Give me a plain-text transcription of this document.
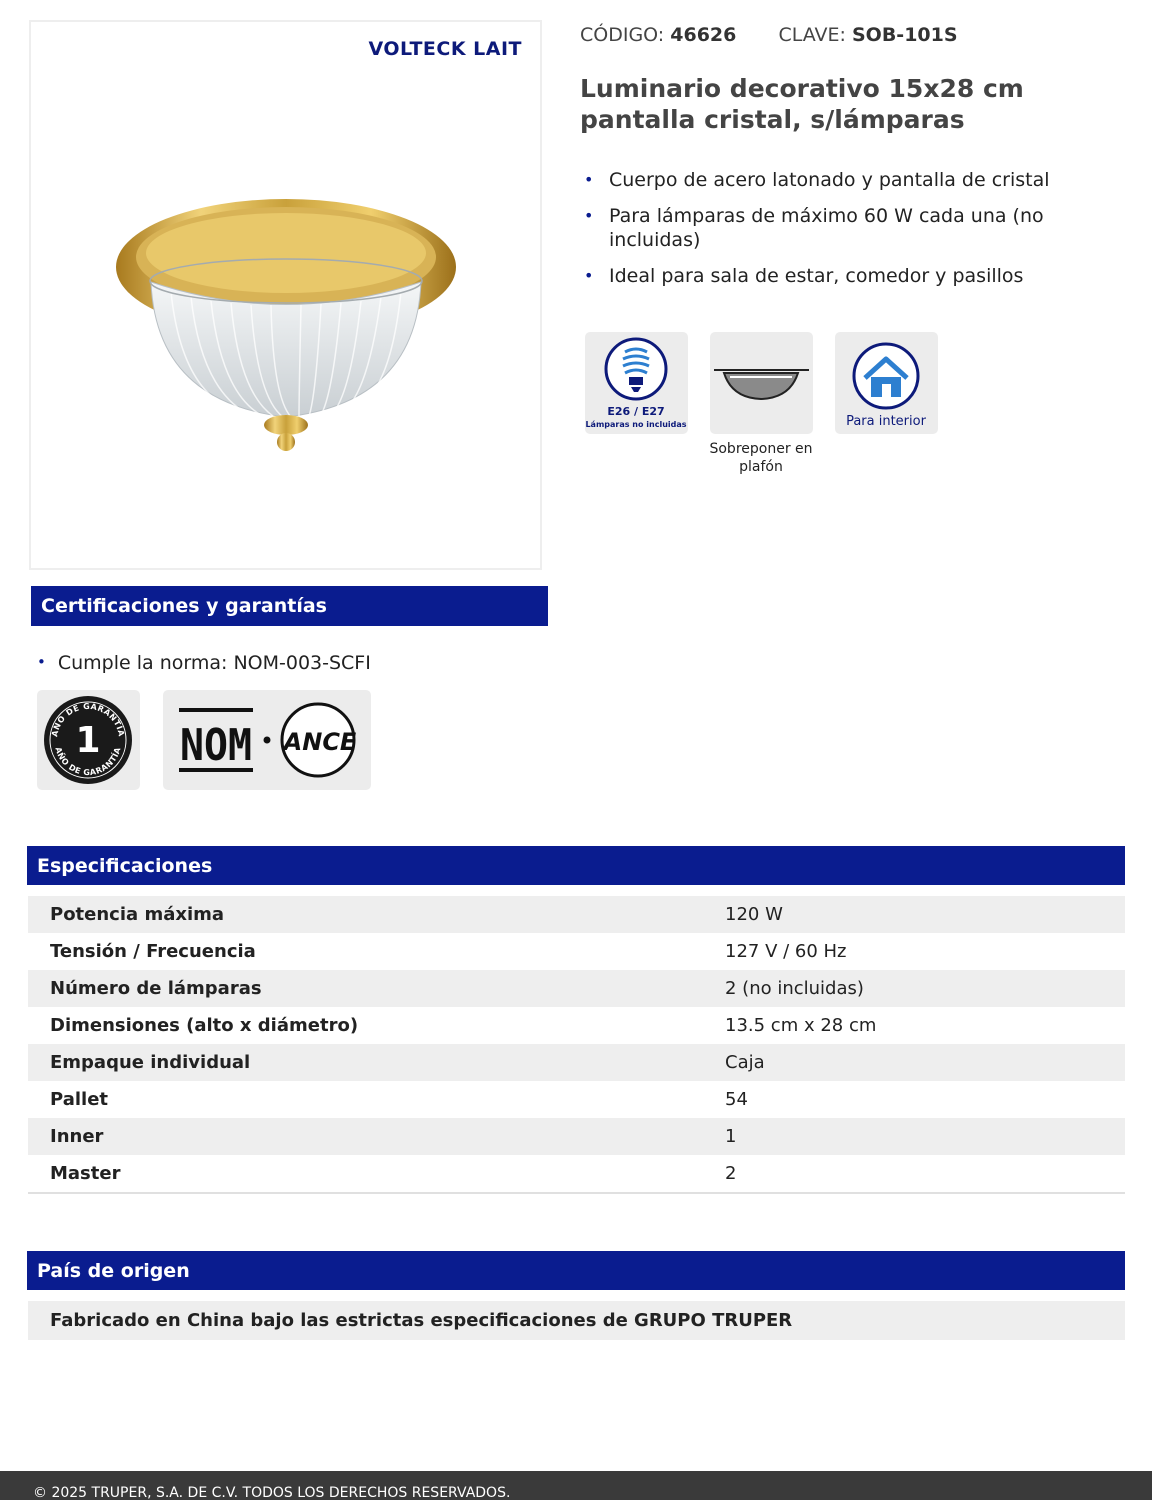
VOLTECK LAIT
CÓDIGO: 46626 CLAVE: SOB-101S
Luminario decorativo 15x28 cm pantalla cristal, s/lámparas
• Cuerpo de acero latonado y pantalla de cristal
• Para lámparas de máximo 60 W cada una (no incluidas)
• Ideal para sala de estar, comedor y pasillos
E26 / E27
Lámparas no incluidas
Sobreponer en plafón
Para interior
Certificaciones y garantías
• Cumple la norma: NOM-003-SCFI
AÑO DE GARANTÍA
AÑO DE GARANTÍA
1 NOM ANCE
Especificaciones
Potencia máxima	120 W
Tensión / Frecuencia	127 V / 60 Hz
Número de lámparas	2 (no incluidas)
Dimensiones (alto x diámetro)	13.5 cm x 28 cm
Empaque individual	Caja
Pallet	54
Inner	1
Master	2
País de origen
Fabricado en China bajo las estrictas especificaciones de GRUPO TRUPER
© 2025 TRUPER, S.A. DE C.V. TODOS LOS DERECHOS RESERVADOS.
